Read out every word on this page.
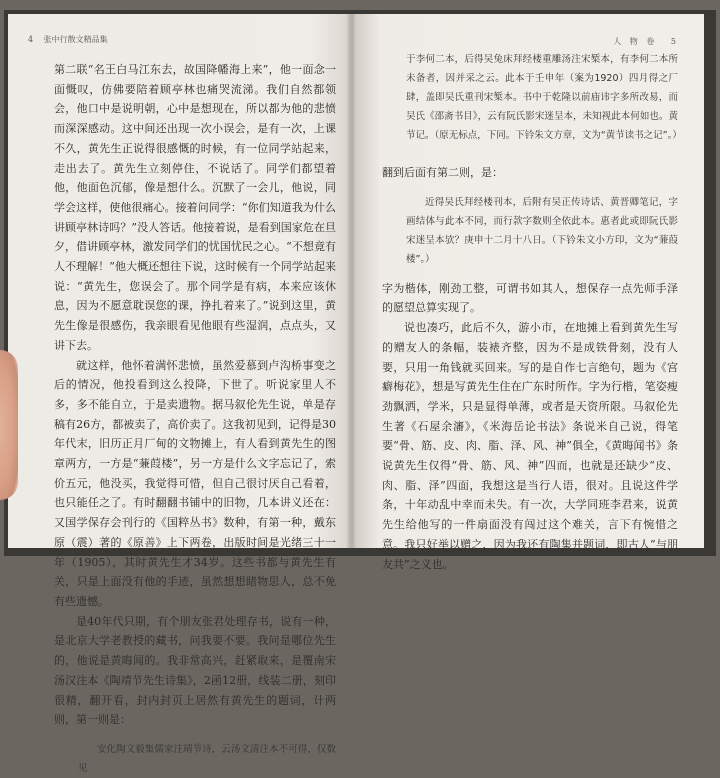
4 张中行散文精品集

第二联“名王白马江东去，故国降幡海上来”，他一面念一面慨叹，仿佛要陪着顾亭林也痛哭流涕。我们自然都领会，他口中是说明朝，心中是想现在，所以都为他的悲愤而深深感动。这中间还出现一次小误会，是有一次，上课不久，黄先生正说得很感慨的时候，有一位同学站起来，走出去了。黄先生立刻停住，不说话了。同学们都望着他，他面色沉郁，像是想什么。沉默了一会儿，他说，同学会这样，使他很痛心。接着问同学：“你们知道我为什么讲顾亭林诗吗？”没人答话。他接着说，是看到国家危在旦夕，借讲顾亭林，激发同学们的忧国忧民之心。“不想竟有人不理解！”他大概还想往下说，这时候有一个同学站起来说：“黄先生，您误会了。那个同学是有病，本来应该休息，因为不愿意耽误您的课，挣扎着来了。”说到这里，黄先生像是很感伤，我亲眼看见他眼有些湿润，点点头，又讲下去。

就这样，他怀着满怀悲愤，虽然爱慕到卢沟桥事变之后的情况，他投看到这么投降，下世了。听说家里人不多，多不能自立，于是卖遗物。据马叙伦先生说，单是存稿有26方，都被卖了，高价卖了。这我初见到，记得是30年代末，旧历正月厂甸的文物摊上，有人看到黄先生的图章两方，一方是“蒹葭楼”，另一方是什么文字忘记了，索价五元，他没买，我觉得可惜，但自己很讨厌自己看着，也只能任之了。有时翻翻书铺中的旧物，几本讲义还在：又国学保存会刊行的《国粹丛书》数种，有第一种，戴东原（震）著的《原善》上下两卷，出版时间是光绪三十一年（1905），其时黄先生才34岁。这些书都与黄先生有关，只是上面没有他的手迹，虽然想想睹物思人，总不免有些遗憾。

是40年代只期，有个朋友张君处理存书，说有一种，是北京大学老教授的藏书，问我要不要。我问是哪位先生的，他说是黄晦闻的。我非常高兴，赶紧取来，是覆南宋汤汉注本《陶靖节先生诗集》，2函12册，线装二册，刻印很精，翻开看，封内封页上居然有黄先生的题词，计两则，第一则是：

安化陶文毅集儒家注靖节诗，云汤文清注本不可得，仅数见

人 物 卷 5

于李何二本，后得吴兔床拜经楼重雕汤注宋椠本，有李何二本所未备者，因并采之云。此本于壬申年（案为1920）四月得之厂肆，盖即吴氏重刊宋椠本。书中于乾隆以前庙讳字多所改易，而吴氏《邵斋书目》，云有阮氏影宋迷呈本，未知视此本何如也。黄节记。（原无标点，下同。下钤朱文方章，文为“黄节读书之记”。）

翻到后面有第二则，是：

近得吴氏拜经楼刊本，后附有吴正传诗话、黄晋卿笔记，字画结体与此本不同，而行款字数则全依此本。惠者此或即阮氏影宋迷呈本欤？庚申十二月十八日。（下钤朱文小方印，文为“蒹葭楼”。）

字为楷体，刚劲工整，可谓书如其人，想保存一点先师手泽的愿望总算实现了。

说也凑巧，此后不久，游小市，在地摊上看到黄先生写的赠友人的条幅，装裱齐整，因为不是成铁骨刻，没有人要，只用一角钱就买回来。写的是自作七言绝句，题为《宫癖梅花》，想是写黄先生住在广东时所作。字为行楷，笔姿瘦劲飘洒，学米，只是显得单薄，或者是天资所限。马叙伦先生著《石屋余瀋》，《米海岳论书法》条说米自己说，得笔要“骨、筋、皮、肉、脂、泽、风、神”俱全，《黄晦闻书》条说黄先生仅得“骨、筋、风、神”四而，也就是还缺少“皮、肉、脂、泽”四面，我想这是当行人语，很对。且说这件学条，十年动乱中幸而未失。有一次，大学同班李君来，说黄先生给他写的一件扇面没有闯过这个难关，言下有惋惜之意。我只好举以赠之，因为我还有陶集并题词，即古人“与朋友共”之义也。
